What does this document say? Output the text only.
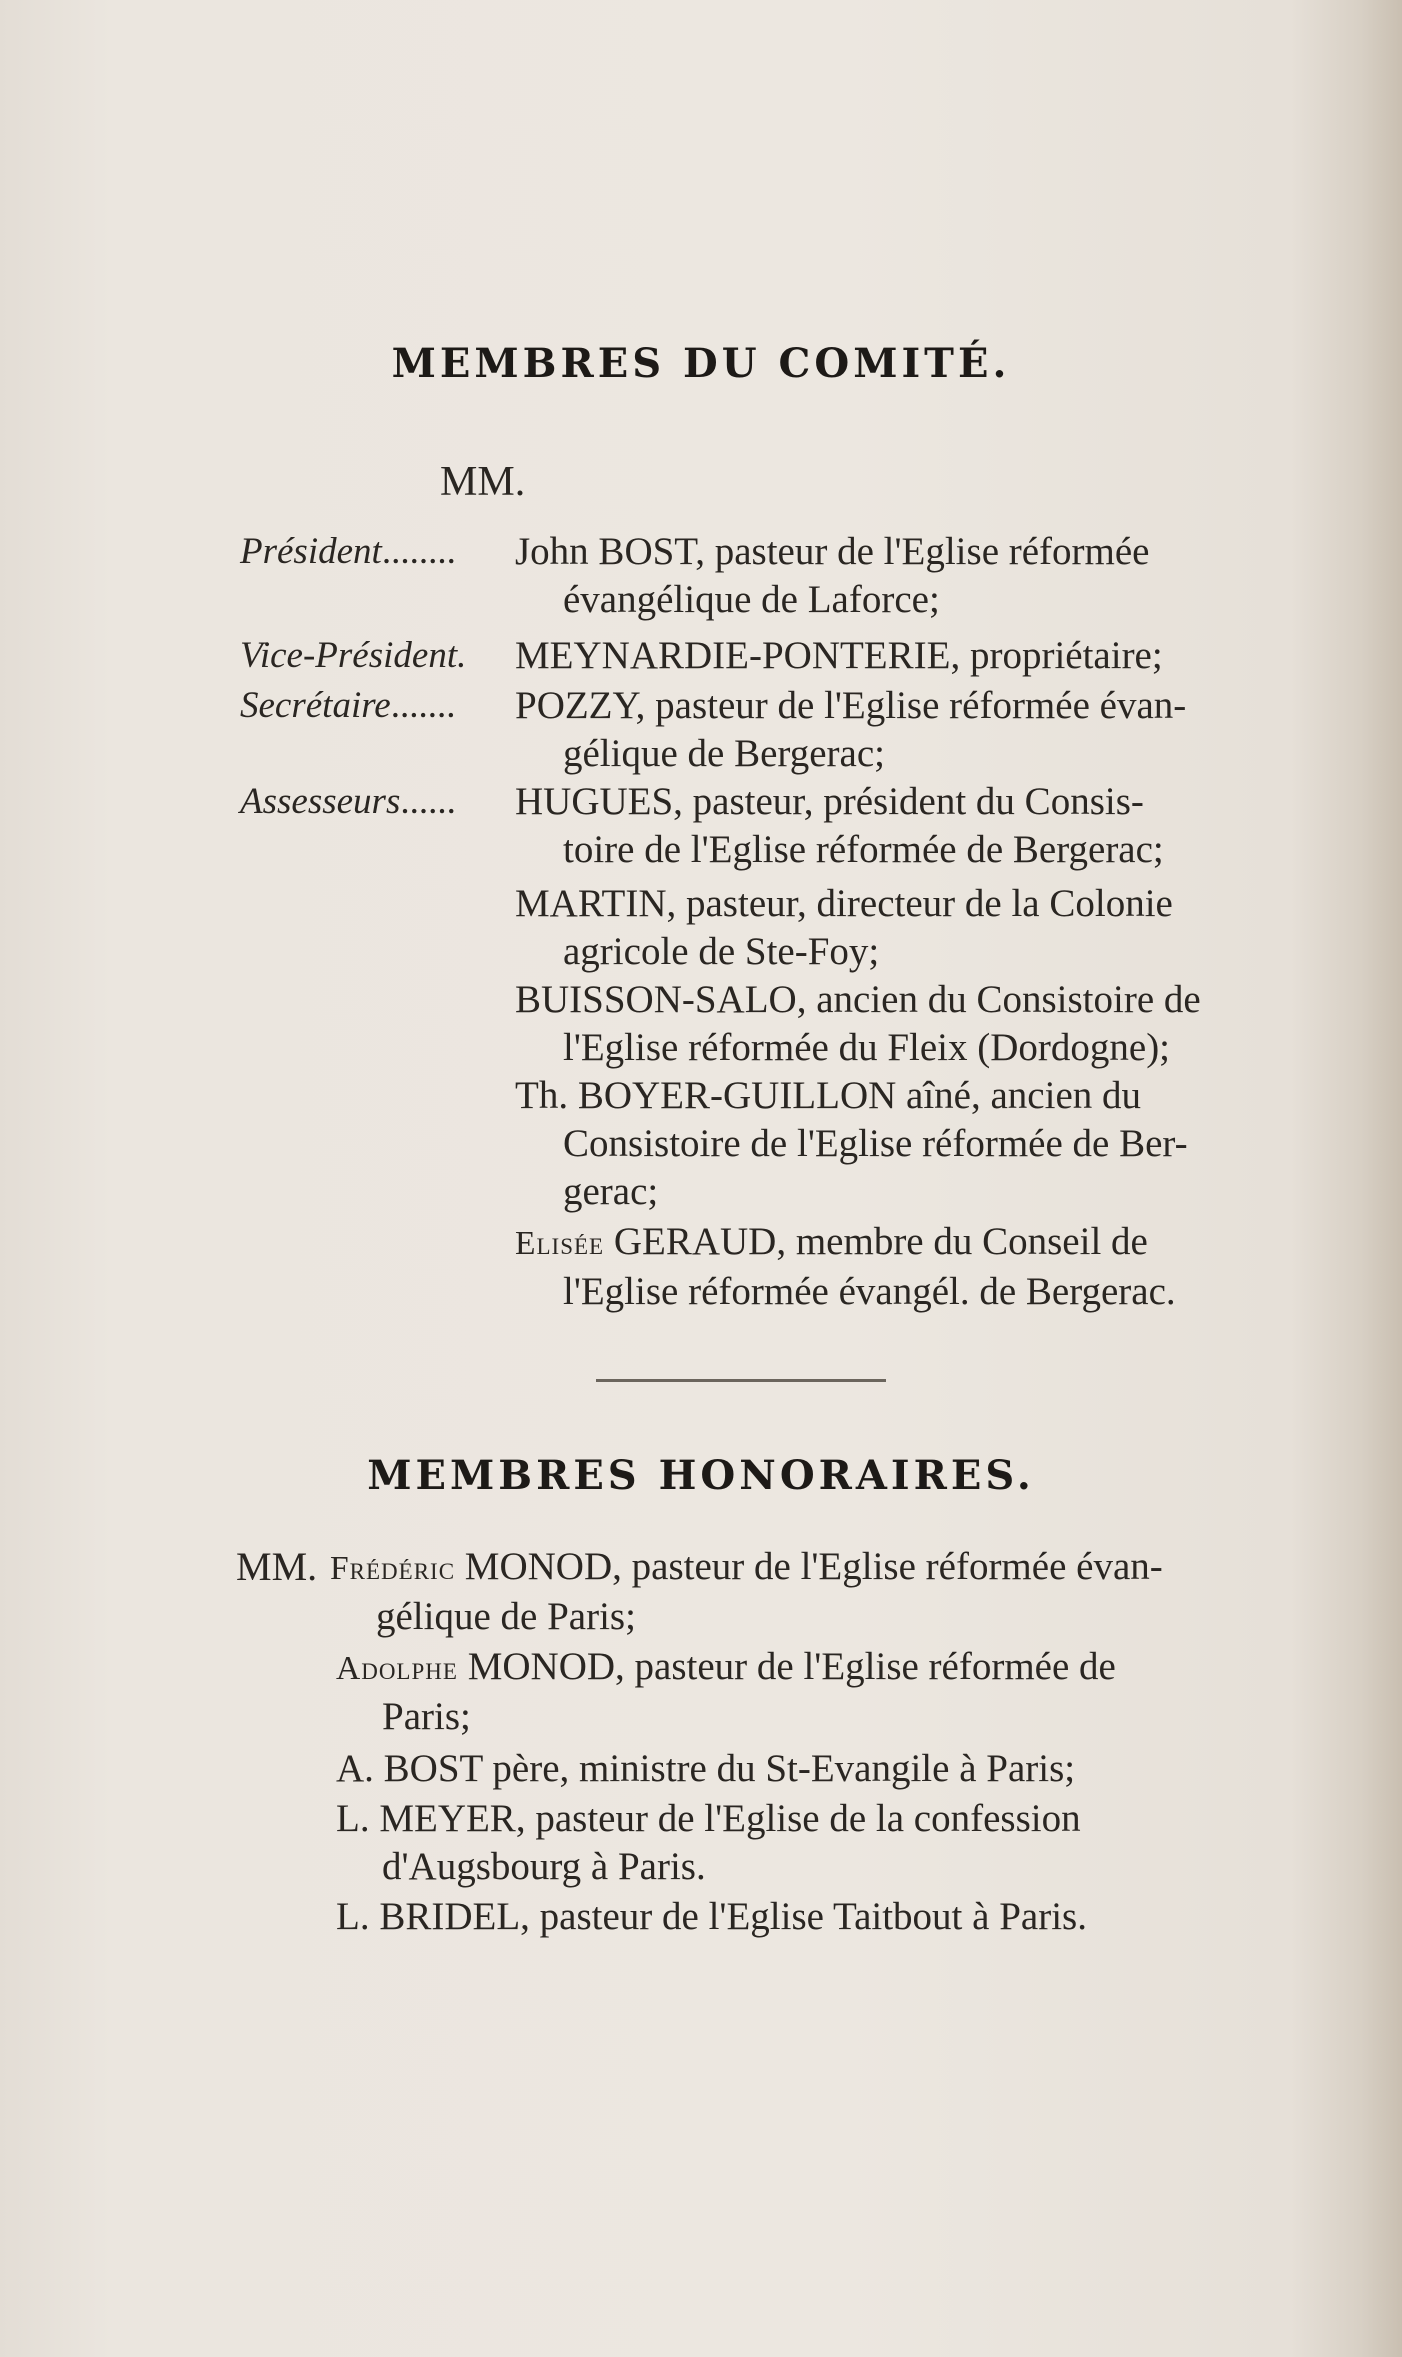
MEMBRES DU COMITÉ.
MM.
Président........ John BOST, pasteur de l'Eglise réformée
évangélique de Laforce;
Vice-Président. MEYNARDIE-PONTERIE, propriétaire;
Secrétaire....... POZZY, pasteur de l'Eglise réformée évan-
gélique de Bergerac;
Assesseurs...... HUGUES, pasteur, président du Consis-
toire de l'Eglise réformée de Bergerac;
MARTIN, pasteur, directeur de la Colonie
agricole de Ste-Foy;
BUISSON-SALO, ancien du Consistoire de
l'Eglise réformée du Fleix (Dordogne);
Th. BOYER-GUILLON aîné, ancien du
Consistoire de l'Eglise réformée de Ber-
gerac;
Elisée GERAUD, membre du Conseil de
l'Eglise réformée évangél. de Bergerac.
MEMBRES HONORAIRES.
MM. Frédéric MONOD, pasteur de l'Eglise réformée évan-
gélique de Paris;
Adolphe MONOD, pasteur de l'Eglise réformée de
Paris;
A. BOST père, ministre du St-Evangile à Paris;
L. MEYER, pasteur de l'Eglise de la confession
d'Augsbourg à Paris.
L. BRIDEL, pasteur de l'Eglise Taitbout à Paris.
